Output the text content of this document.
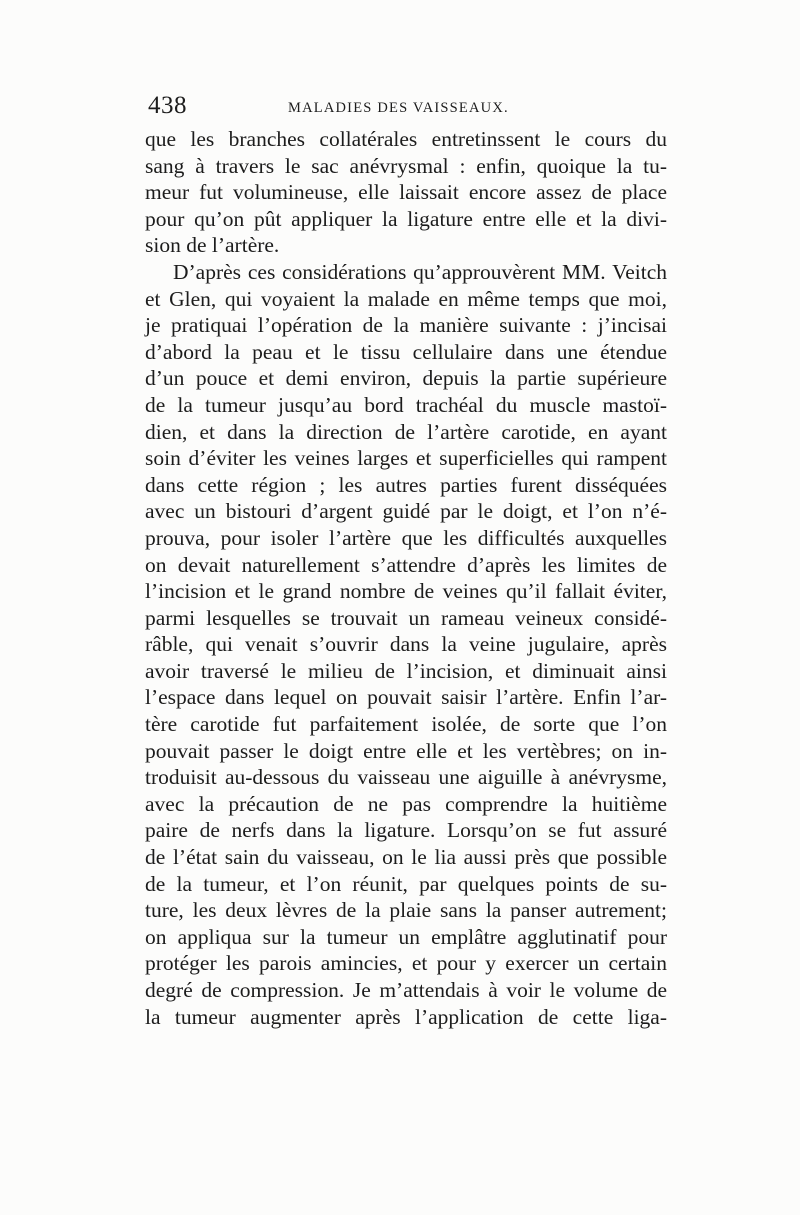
438	MALADIES DES VAISSEAUX.
que les branches collatérales entretinssent le cours du
sang à travers le sac anévrysmal : enfin, quoique la tu-
meur fut volumineuse, elle laissait encore assez de place
pour qu’on pût appliquer la ligature entre elle et la divi-
sion de l’artère.
D’après ces considérations qu’approuvèrent MM. Veitch
et Glen, qui voyaient la malade en même temps que moi,
je pratiquai l’opération de la manière suivante : j’incisai
d’abord la peau et le tissu cellulaire dans une étendue
d’un pouce et demi environ, depuis la partie supérieure
de la tumeur jusqu’au bord trachéal du muscle mastoï-
dien, et dans la direction de l’artère carotide, en ayant
soin d’éviter les veines larges et superficielles qui rampent
dans cette région ; les autres parties furent disséquées
avec un bistouri d’argent guidé par le doigt, et l’on n’é-
prouva, pour isoler l’artère que les difficultés auxquelles
on devait naturellement s’attendre d’après les limites de
l’incision et le grand nombre de veines qu’il fallait éviter,
parmi lesquelles se trouvait un rameau veineux considé-
râble, qui venait s’ouvrir dans la veine jugulaire, après
avoir traversé le milieu de l’incision, et diminuait ainsi
l’espace dans lequel on pouvait saisir l’artère. Enfin l’ar-
tère carotide fut parfaitement isolée, de sorte que l’on
pouvait passer le doigt entre elle et les vertèbres; on in-
troduisit au-dessous du vaisseau une aiguille à anévrysme,
avec la précaution de ne pas comprendre la huitième
paire de nerfs dans la ligature. Lorsqu’on se fut assuré
de l’état sain du vaisseau, on le lia aussi près que possible
de la tumeur, et l’on réunit, par quelques points de su-
ture, les deux lèvres de la plaie sans la panser autrement;
on appliqua sur la tumeur un emplâtre agglutinatif pour
protéger les parois amincies, et pour y exercer un certain
degré de compression. Je m’attendais à voir le volume de
la tumeur augmenter après l’application de cette liga-
